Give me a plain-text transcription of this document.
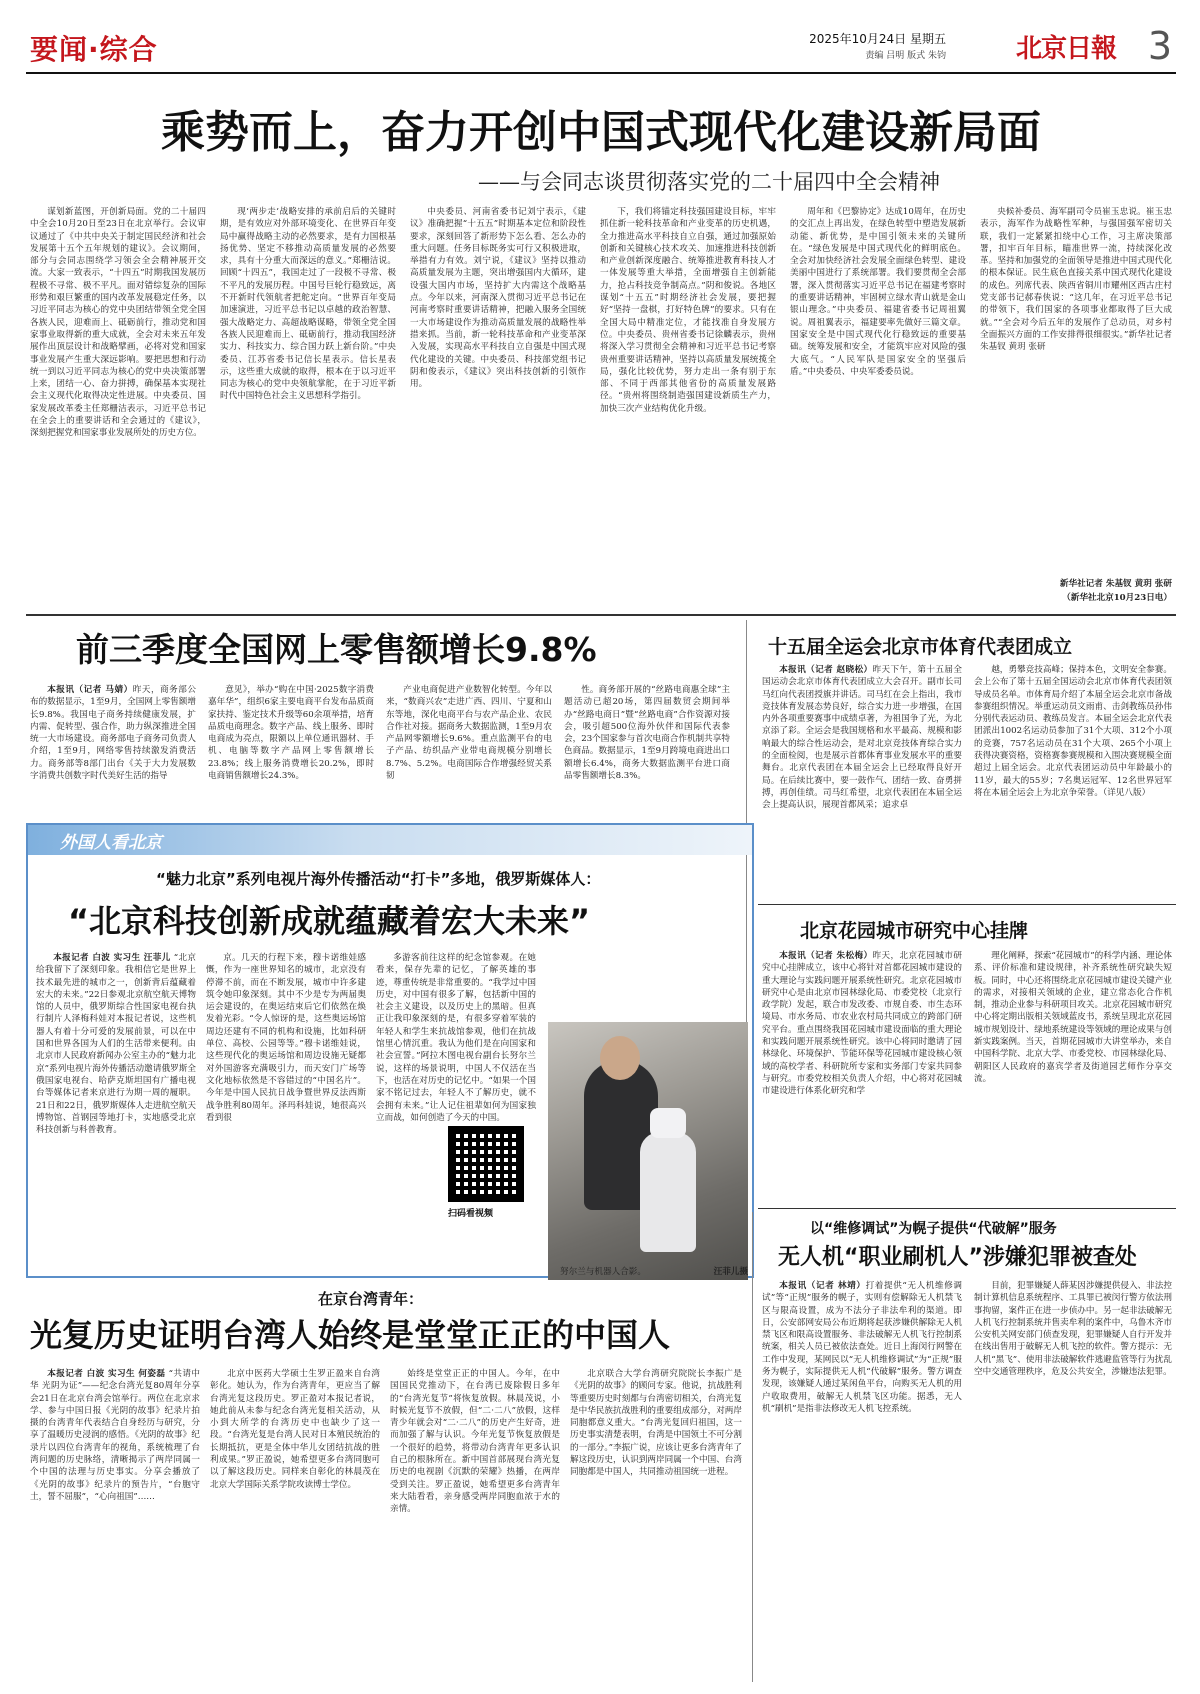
要闻·综合	2025年10月24日 星期五
责编 吕明 版式 朱钧	北京日報 3
乘势而上，奋力开创中国式现代化建设新局面
——与会同志谈贯彻落实党的二十届四中全会精神

谋划新蓝图，开创新局面。党的二十届四中全会10月20日至23日在北京举行。会议审议通过了《中共中央关于制定国民经济和社会发展第十五个五年规划的建议》。会议期间，部分与会同志围绕学习领会全会精神展开交流。大家一致表示，“十四五”时期我国发展历程极不寻常、极不平凡。面对错综复杂的国际形势和艰巨繁重的国内改革发展稳定任务，以习近平同志为核心的党中央团结带领全党全国各族人民，迎难而上、砥砺前行，推动党和国家事业取得新的重大成就，全会对未来五年发展作出顶层设计和战略擘画，必将对党和国家事业发展产生重大深远影响。要把思想和行动统一到以习近平同志为核心的党中央决策部署上来，团结一心、奋力拼搏，确保基本实现社会主义现代化取得决定性进展。中央委员、国家发展改革委主任郑栅洁表示，习近平总书记在全会上的重要讲话和全会通过的《建议》，深刻把握党和国家事业发展所处的历史方位。

现‘两步走’战略安排的承前启后的关键时期，是有效应对外部环境变化、在世界百年变局中赢得战略主动的必然要求，是有力国根基扬优势、坚定不移推动高质量发展的必然要求，具有十分重大而深远的意义。”郑栅洁说。回顾“十四五”，我国走过了一段极不寻常、极不平凡的发展历程。中国号巨轮行稳致远，离不开新时代领航者把舵定向。“世界百年变局加速演进，习近平总书记以卓越的政治智慧、强大战略定力、高超战略谋略，带领全党全国各族人民迎难而上、砥砺前行，推动我国经济实力、科技实力、综合国力跃上新台阶。”中央委员、江苏省委书记信长星表示。信长星表示，这些重大成就的取得，根本在于以习近平同志为核心的党中央领航掌舵，在于习近平新时代中国特色社会主义思想科学指引。

中央委员、河南省委书记刘宁表示，《建议》准确把握“十五五”时期基本定位和阶段性要求，深刻回答了新形势下怎么看、怎么办的重大问题。任务目标既务实可行又积极进取，举措有力有效。刘宁说，《建议》坚持以推动高质量发展为主题，突出增强国内大循环，建设强大国内市场，坚持扩大内需这个战略基点。今年以来，河南深入贯彻习近平总书记在河南考察时重要讲话精神，把融入服务全国统一大市场建设作为推动高质量发展的战略性举措来抓。当前，新一轮科技革命和产业变革深入发展，实现高水平科技自立自强是中国式现代化建设的关键。中央委员、科技部党组书记阴和俊表示，《建议》突出科技创新的引领作用。

下，我们将锚定科技强国建设目标，牢牢抓住新一轮科技革命和产业变革的历史机遇，全力推进高水平科技自立自强，通过加强原始创新和关键核心技术攻关、加速推进科技创新和产业创新深度融合、统筹推进教育科技人才一体发展等重大举措，全面增强自主创新能力，抢占科技竞争制高点。”阴和俊说。各地区谋划“十五五”时期经济社会发展，要把握好“坚持一盘棋，打好特色牌”的要求。只有在全国大局中精准定位，才能找准自身发展方位。中央委员、贵州省委书记徐麟表示，贵州将深入学习贯彻全会精神和习近平总书记考察贵州重要讲话精神，坚持以高质量发展统揽全局，强化比较优势，努力走出一条有别于东部、不同于西部其他省份的高质量发展路径。“贵州将围绕制造强国建设新质生产力，加快三次产业结构优化升级。

周年和《巴黎协定》达成10周年，在历史的交汇点上再出发，在绿色转型中塑造发展新动能、新优势，是中国引领未来的关键所在。“绿色发展是中国式现代化的鲜明底色。全会对加快经济社会发展全面绿色转型、建设美丽中国进行了系统部署。我们要贯彻全会部署，深入贯彻落实习近平总书记在福建考察时的重要讲话精神，牢固树立绿水青山就是金山银山理念。”中央委员、福建省委书记周祖翼说。周祖翼表示，福建要率先做好三篇文章。国家安全是中国式现代化行稳致远的重要基础。统筹发展和安全，才能筑牢应对风险的强大底气。“人民军队是国家安全的坚强后盾。”中央委员、中央军委委员说。

央候补委员、海军副司令员崔玉忠说。崔玉忠表示，海军作为战略性军种，与强国强军密切关联，我们一定紧紧扣绕中心工作，习主席决策部署，扣牢百年目标，瞄准世界一流，持续深化改革。坚持和加强党的全面领导是推进中国式现代化的根本保证。民生底色直接关系中国式现代化建设的成色。列席代表、陕西省铜川市耀州区西古庄村党支部书记郝春侠说：“这几年，在习近平总书记的带领下，我们国家的各项事业都取得了巨大成就。”“全会对今后五年的发展作了总动员，对乡村全面振兴方面的工作安排得很细很实。”新华社记者 朱基钗 黄玥 张研

新华社记者 朱基钗 黄玥 张研
（新华社北京10月23日电）
前三季度全国网上零售额增长9.8%

本报讯（记者 马婧）昨天，商务部公布的数据显示，1至9月，全国网上零售额增长9.8%。我国电子商务持续健康发展，扩内需、促转型、强合作，助力纵深推进全国统一大市场建设。商务部电子商务司负责人介绍，1至9月，网络零售持续激发消费活力。商务部等8部门出台《关于大力发展数字消费共创数字时代美好生活的指导

意见》，举办“购在中国·2025数字消费嘉年华”，组织6家主要电商平台发布品质商家扶持、鉴定技术升级等60余项举措，培育品质电商理念。数字产品、线上服务、即时电商成为亮点，限额以上单位通讯器材、手机、电脑等数字产品网上零售额增长23.8%；线上服务消费增长20.2%，即时电商销售额增长24.3%。

产业电商促进产业数智化转型。今年以来，“数商兴农”走进广西、四川、宁夏和山东等地，深化电商平台与农产品企业、农民合作社对接。据商务大数据监测，1至9月农产品网零额增长9.6%。重点监测平台的电子产品、纺织品产业带电商规模分别增长8.7%、5.2%。电商国际合作增强经贸关系韧

性。商务部开展的“丝路电商惠全球”主题活动已超20场，第四届数贸会期间举办“丝路电商日”暨“丝路电商”合作资源对接会，吸引超500位海外伙伴和国际代表参会，23个国家参与首次电商合作机制共享特色商品。数据显示，1至9月跨境电商进出口额增长6.4%，商务大数据监测平台进口商品零售额增长8.3%。

十五届全运会北京市体育代表团成立

本报讯（记者 赵晓松）昨天下午，第十五届全国运动会北京市体育代表团成立大会召开。副市长司马红向代表团授旗并讲话。司马红在会上指出，我市竞技体育发展态势良好，综合实力进一步增强，在国内外各项重要赛事中成绩卓著，为祖国争了光，为北京添了彩。全运会是我国规格和水平最高、规模和影响最大的综合性运动会，是对北京竞技体育综合实力的全面检阅，也是展示首都体育事业发展水平的重要舞台。北京代表团在本届全运会上已经取得良好开局。在后续比赛中，要一鼓作气、团结一致、奋勇拼搏，再创佳绩。司马红希望，北京代表团在本届全运会上提高认识，展现首都风采；追求卓

越，勇攀竞技高峰；保持本色，文明安全参赛。会上公布了第十五届全国运动会北京市体育代表团领导成员名单。市体育局介绍了本届全运会北京市备战参赛组织情况。举重运动员文雨甫、击剑教练员孙伟分别代表运动员、教练员发言。本届全运会北京代表团派出1002名运动员参加了31个大项、312个小项的竞赛，757名运动员在31个大项、265个小项上获得决赛资格，资格赛参赛规模和入围决赛规模全面超过上届全运会。北京代表团运动员中年龄最小的11岁，最大的55岁；7名奥运冠军、12名世界冠军将在本届全运会上为北京争荣誉。（详见八版）

北京花园城市研究中心挂牌

本报讯（记者 朱松梅）昨天，北京花园城市研究中心挂牌成立，该中心将针对首都花园城市建设的重大理论与实践问题开展系统性研究。北京花园城市研究中心是由北京市园林绿化局、市委党校（北京行政学院）发起，联合市发改委、市规自委、市生态环境局、市水务局、市农业农村局共同成立的跨部门研究平台。重点围绕我国花园城市建设面临的重大理论和实践问题开展系统性研究。该中心将同时邀请了园林绿化、环境保护、节能环保等花园城市建设核心领域的高校学者、科研院所专家和实务部门专家共同参与研究。市委党校相关负责人介绍，中心将对花园城市建设进行体系化研究和学

理化阐释，探索“花园城市”的科学内涵、理论体系、评价标准和建设规律，补齐系统性研究缺失短板。同时，中心还将围绕北京花园城市建设关键产业的需求，对接相关领域的企业，建立常态化合作机制，推动企业参与科研项目攻关。北京花园城市研究中心将定期出版相关领域蓝皮书，系统呈现北京花园城市规划设计、绿地系统建设等领域的理论成果与创新实践案例。当天，首期花园城市大讲堂举办，来自中国科学院、北京大学、市委党校、市园林绿化局、朝阳区人民政府的嘉宾学者及街道园艺师作分享交流。

外国人看北京
“魅力北京”系列电视片海外传播活动“打卡”多地，俄罗斯媒体人：
“北京科技创新成就蕴藏着宏大未来”

本报记者 白波 实习生 汪菲儿 “北京给我留下了深刻印象。我相信它是世界上技术最先进的城市之一，创新背后蕴藏着宏大的未来。”22日参观北京航空航天博物馆的人员中，俄罗斯综合性国家电视台执行制片人泽梅科娃对本报记者说，这些机器人有着十分可爱的发展前景，可以在中国和世界各国为人们的生活带来便利。由北京市人民政府新闻办公室主办的“魅力北京”系列电视片海外传播活动邀请俄罗斯全俄国家电视台、哈萨克斯坦国有广播电视台等媒体记者来京进行为期一周的履职。21日和22日，俄罗斯媒体人走进航空航天博物馆、首钢园等地打卡，实地感受北京科技创新与科普教育。

京。几天的行程下来，穆卡诺维娃感慨，作为一座世界知名的城市，北京没有停滞不前，而在不断发展，城市中许多建筑令她印象深刻。其中不少是专为两届奥运会建设的，在奥运结束后它们依然在焕发着光彩。“令人惊讶的是，这些奥运场馆周边还建有不同的机构和设施，比如科研单位、高校、公园等等。”穆卡诺维娃说，这些现代化的奥运场馆和周边设施无疑都对外国游客充满吸引力，而天安门广场等文化地标依然是不容错过的“中国名片”。今年是中国人民抗日战争暨世界反法西斯战争胜利80周年。泽玛科娃说，她很高兴看到很

多游客前往这样的纪念馆参观。在她看来，保存先辈的记忆，了解英雄的事迹，尊重传统是非常重要的。“我学过中国历史，对中国有很多了解，包括新中国的社会主义建设，以及历史上的黑暗。但真正让我印象深刻的是，有很多穿着军装的年轻人和学生来抗战馆参观，他们在抗战馆里心情沉重。我认为他们是在向国家和社会宣誓。”阿拉木图电视台副台长努尔兰说，这样的场景说明，中国人不仅活在当下，也活在对历史的记忆中。“如果一个国家不铭记过去，年轻人不了解历史，就不会拥有未来。”让人记住祖辈如何为国家独立而战，如何创造了今天的中国。

扫码看视频
努尔兰与机器人合影。	汪菲儿摄
以“维修调试”为幌子提供“代破解”服务
无人机“职业刷机人”涉嫌犯罪被查处

本报讯（记者 林靖）打着提供“无人机维修调试”等“正规”服务的幌子，实则有偿解除无人机禁飞区与限高设置，成为不法分子非法牟利的渠道。即日，公安部网安局公布近期将起获涉嫌供解除无人机禁飞区和限高设置服务、非法破解无人机飞行控制系统案，相关人员已被依法查处。近日上海闵行网警在工作中发现，某网民以“无人机维修调试”为“正规”服务为幌子，实际提供无人机“代破解”服务。警方调查发现，该嫌疑人通过某闲鱼平台，向购买无人机的用户收取费用，破解无人机禁飞区功能。据悉，无人机“刷机”是指非法修改无人机飞控系统。

目前，犯罪嫌疑人薛某因涉嫌提供侵入、非法控制计算机信息系统程序、工具罪已被闵行警方依法刑事拘留，案件正在进一步侦办中。另一起非法破解无人机飞行控制系统并售卖牟利的案件中，乌鲁木齐市公安机关网安部门侦查发现，犯罪嫌疑人自行开发并在线出售用于破解无人机飞控的软件。警方提示：无人机“黑飞”、使用非法破解软件逃避监管等行为扰乱空中交通管理秩序，危及公共安全，涉嫌违法犯罪。

在京台湾青年：
光复历史证明台湾人始终是堂堂正正的中国人

本报记者 白波 实习生 何姿磊 “共请中华 光阴为证”——纪念台湾光复80周年分享会21日在北京台湾会馆举行。两位在北京求学、参与中国日报《光阴的故事》纪录片拍摄的台湾青年代表结合自身经历与研究，分享了温暖历史浸润的感悟。《光阴的故事》纪录片以四位台湾青年的视角，系统梳理了台湾问题的历史脉络，清晰揭示了两岸同属一个中国的法理与历史事实。分享会播放了《光阴的故事》纪录片的预告片，“台胞守土，誓不屈服”，“心向祖国”……

北京中医药大学硕士生罗正盈来自台湾彰化。她认为，作为台湾青年，更应当了解台湾光复这段历史。罗正盈对本报记者说，她此前从未参与纪念台湾光复相关活动，从小到大所学的台湾历史中也缺少了这一段。“台湾光复是台湾人民对日本殖民统治的长期抵抗，更是全体中华儿女团结抗战的胜利成果。”罗正盈说，她希望更多台湾同胞可以了解这段历史。同样来自彰化的林晨茂在北京大学国际关系学院攻读博士学位。

始终是堂堂正正的中国人。今年，在中国国民党推动下，在台湾已废除假日多年的“台湾光复节”将恢复放假。林晨茂说，小时候光复节不放假，但“二·二八”放假，这样青少年就会对“二·二八”的历史产生好奇，进而加强了解与认识。今年光复节恢复放假是一个很好的趋势，将带动台湾青年更多认识自己的根脉所在。新中国首部展现台湾光复历史的电视剧《沉默的荣耀》热播，在两岸受到关注。罗正盈说，她希望更多台湾青年来大陆看看，亲身感受两岸同胞血浓于水的亲情。

北京联合大学台湾研究院院长李振广是《光阴的故事》的顾问专家。他说，抗战胜利等重要历史时刻都与台湾密切相关，台湾光复是中华民族抗战胜利的重要组成部分，对两岸同胞都意义重大。“台湾光复回归祖国，这一历史事实清楚表明，台湾是中国领土不可分割的一部分。”李振广说，应该让更多台湾青年了解这段历史，认识到两岸同属一个中国、台湾同胞都是中国人，共同推动祖国统一进程。
